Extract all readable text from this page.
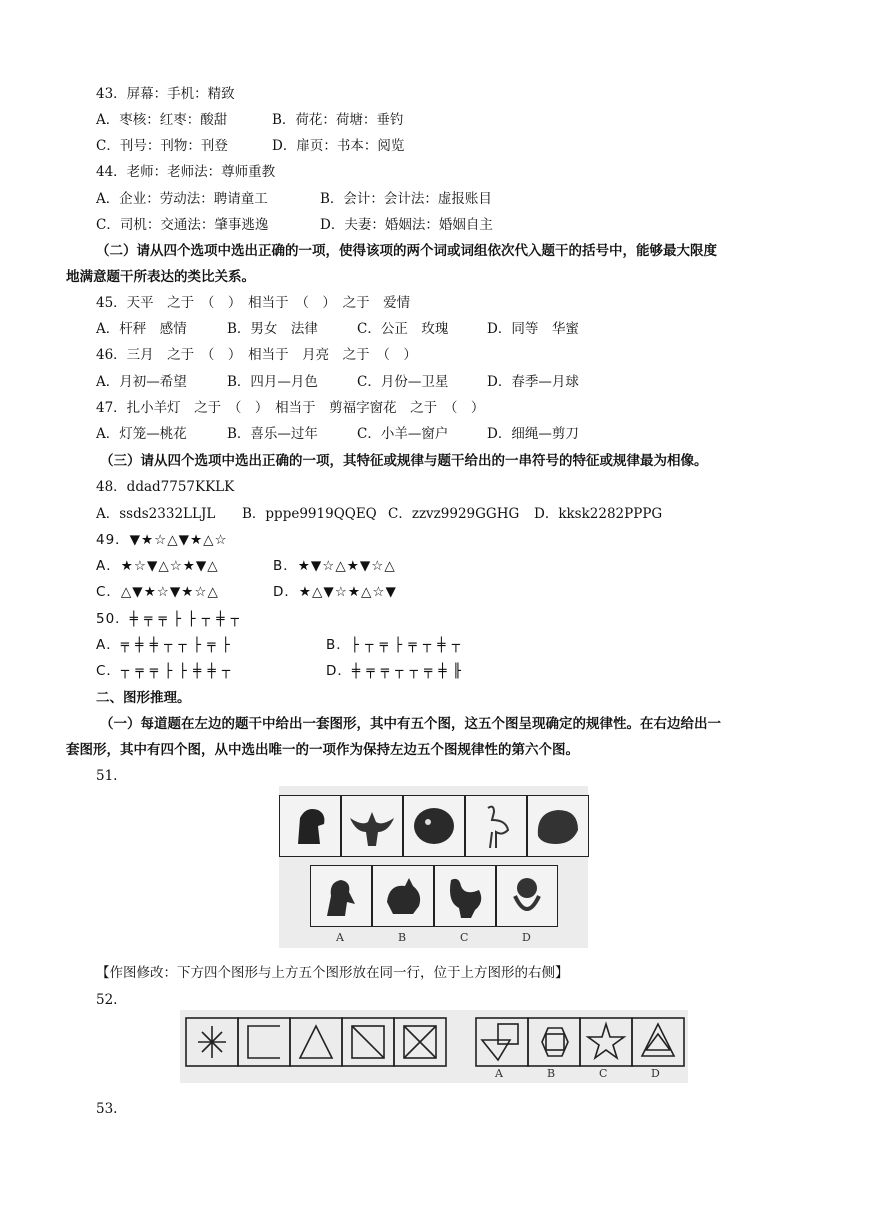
43．屏幕：手机：精致
A．枣核：红枣：酸甜	B．荷花：荷塘：垂钓
C．刊号：刊物：刊登	D．扉页：书本：阅览
44．老师：老师法：尊师重教
A．企业：劳动法：聘请童工	B．会计：会计法：虚报账目
C．司机：交通法：肇事逃逸	D．夫妻：婚姻法：婚姻自主
（二）请从四个选项中选出正确的一项，使得该项的两个词或词组依次代入题干的括号中，能够最大限度
地满意题干所表达的类比关系。
45．天平　之于　（　）　相当于　（　）　之于　爱情
A．杆秤　感情	B．男女　法律	C．公正　玫瑰	D．同等　华蜜
46．三月　之于　（　）　相当于　月亮　之于　（　）
A．月初—希望	B．四月—月色	C．月份—卫星	D．春季—月球
47．扎小羊灯　之于　（　）　相当于　剪福字窗花　之于　（　）
A．灯笼—桃花	B．喜乐—过年	C．小羊—窗户	D．细绳—剪刀
（三）请从四个选项中选出正确的一项，其特征或规律与题干给出的一串符号的特征或规律最为相像。
48．ddad7757KKLK
A．ssds2332LLJL B．pppe9919QQEQ C．zzvz9929GGHG D．kksk2282PPPG
49．▼★☆△▼★△☆
A．★☆▼△☆★▼△	B．★▼☆△★▼☆△
C．△▼★☆▼★☆△	D．★△▼☆★△☆▼
50．╪ ╤ ╤ ├ ├ ┬ ╪ ┬
A．╤ ╪ ╪ ┬ ┬ ├ ╤ ├	B．├ ┬ ╤ ├ ╤ ┬ ╪ ┬
C．┬ ╤ ╤ ├ ├ ╪ ╪ ┬	D．╪ ╤ ╤ ┬ ┬ ╤ ╪ ╟
二、图形推理。
（一）每道题在左边的题干中给出一套图形，其中有五个图，这五个图呈现确定的规律性。在右边给出一
套图形，其中有四个图，从中选出唯一的一项作为保持左边五个图规律性的第六个图。
51.
A	B	C	D
【作图修改：下方四个图形与上方五个图形放在同一行，位于上方图形的右侧】
52.
A	B	C	D
53.
